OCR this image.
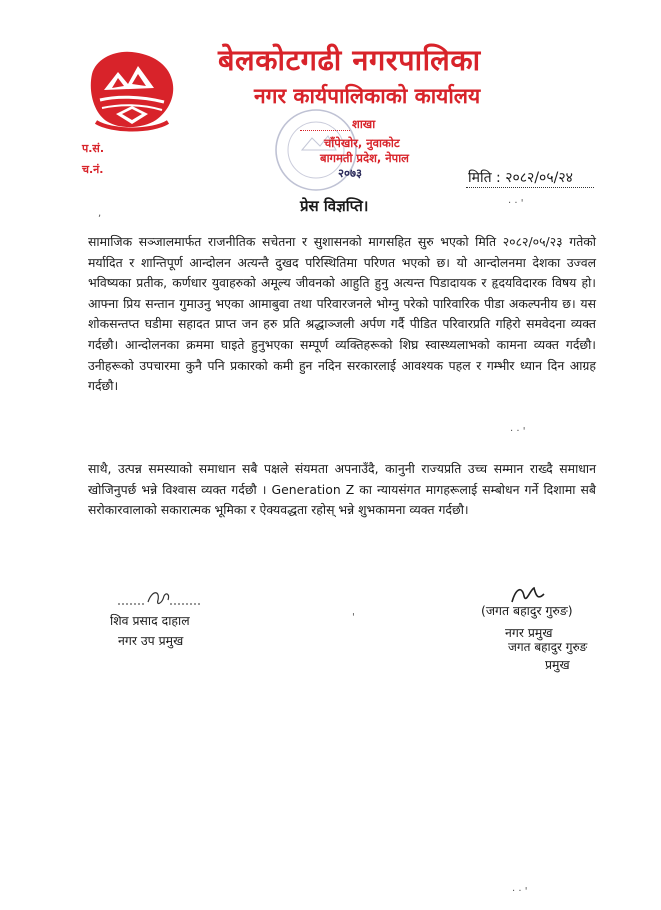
बेलकोटगढी नगरपालिका
नगर कार्यपालिकाको कार्यालय
शाखा
चाँपेखोर, नुवाकोट
बागमती प्रदेश, नेपाल
२०७३
प.सं.
च.नं.
मिति : २०८२/०५/२४
प्रेस विज्ञप्ति।
सामाजिक सञ्जालमार्फत राजनीतिक सचेतना र सुशासनको मागसहित सुरु भएको मिति २०८२/०५/२३ गतेको मर्यादित र शान्तिपूर्ण आन्दोलन अत्यन्तै दुखद परिस्थितिमा परिणत भएको छ। यो आन्दोलनमा देशका उज्वल भविष्यका प्रतीक, कर्णधार युवाहरुको अमूल्य जीवनको आहुति हुनु अत्यन्त पिडादायक र हृदयविदारक विषय हो।आफ्ना प्रिय सन्तान गुमाउनु भएका आमाबुवा तथा परिवारजनले भोग्नु परेको पारिवारिक पीडा अकल्पनीय छ। यस शोकसन्तप्त घडीमा सहादत प्राप्त जन हरु प्रति श्रद्धाञ्जली अर्पण गर्दै पीडित परिवारप्रति गहिरो समवेदना व्यक्त गर्दछौ। आन्दोलनका क्रममा घाइते हुनुभएका सम्पूर्ण व्यक्तिहरूको शिघ्र स्वास्थ्यलाभको कामना व्यक्त गर्दछौ। उनीहरूको उपचारमा कुनै पनि प्रकारको कमी हुन नदिन सरकारलाई आवश्यक पहल र गम्भीर ध्यान दिन आग्रह गर्दछौ।
साथै, उत्पन्न समस्याको समाधान सबै पक्षले संयमता अपनाउँदै, कानुनी राज्यप्रति उच्च सम्मान राख्दै समाधान खोजिनुपर्छ भन्ने विश्वास व्यक्त गर्दछौ । Generation Z का न्यायसंगत मागहरूलाई सम्बोधन गर्ने दिशामा सबै सरोकारवालाको सकारात्मक भूमिका र ऐक्यवद्धता रहोस् भन्ने शुभकामना व्यक्त गर्दछौ।
शिव प्रसाद दाहाल
नगर उप प्रमुख
(जगत बहादुर गुरुङ)
नगर प्रमुख
जगत बहादुर गुरुङ
प्रमुख
,
· · '
· · '
· · '
'
